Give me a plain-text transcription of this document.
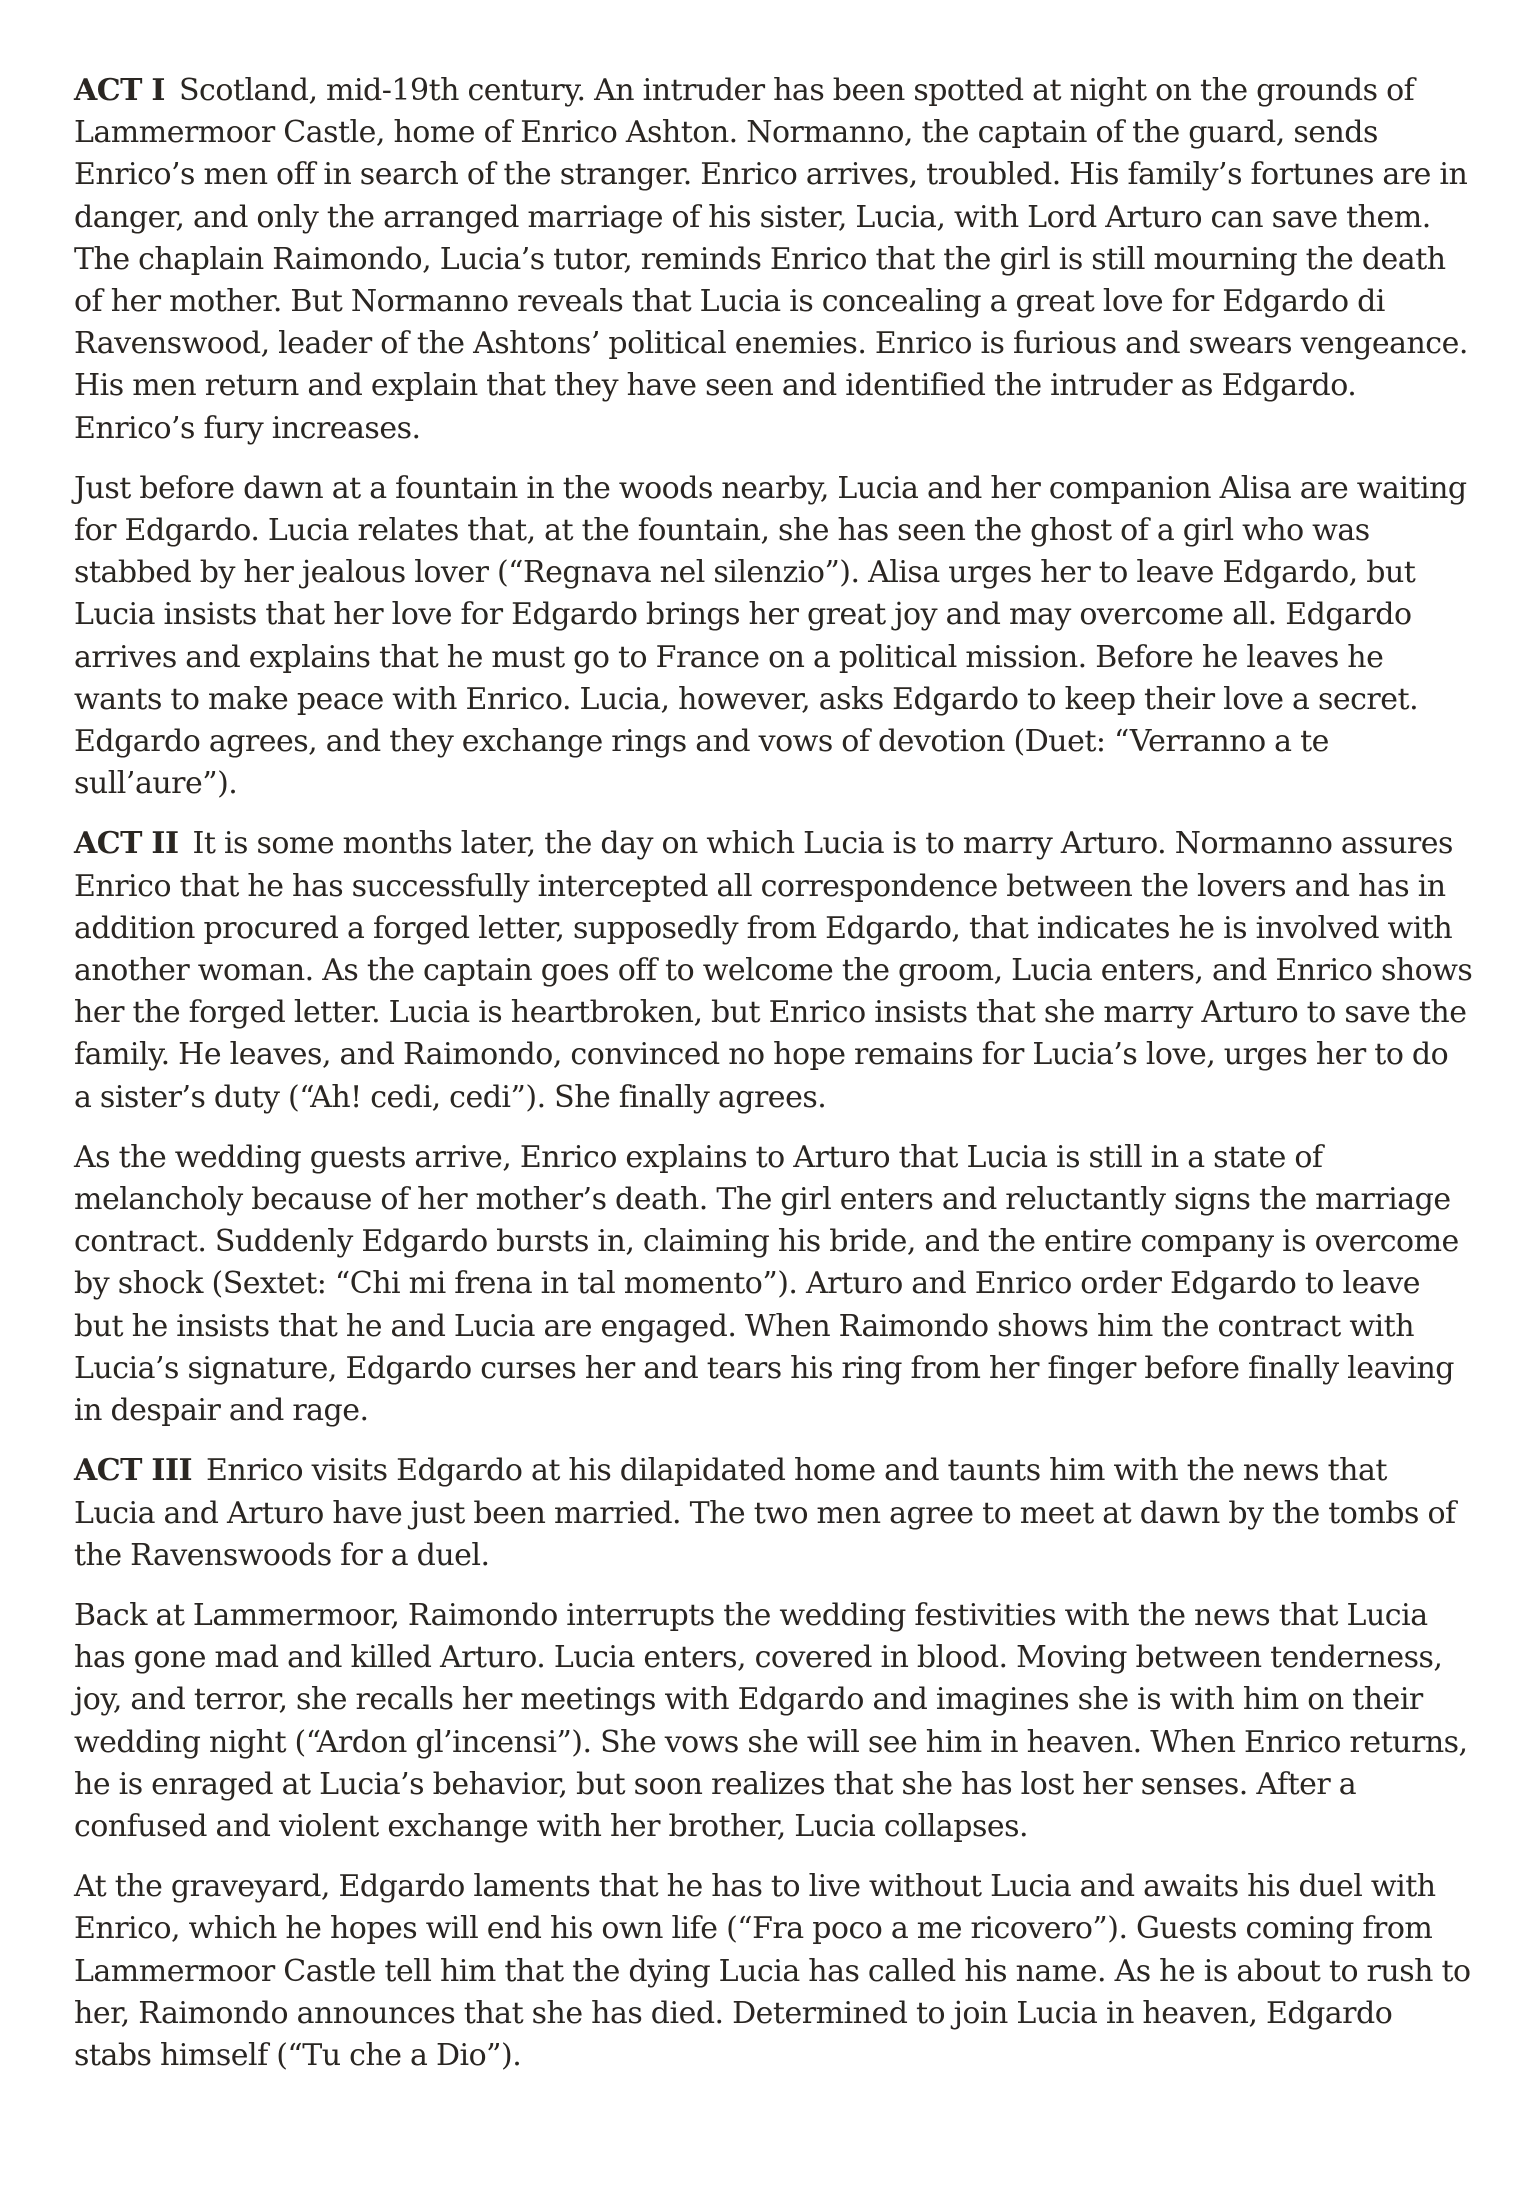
ACT I Scotland, mid-19th century. An intruder has been spotted at night on the grounds of Lammermoor Castle, home of Enrico Ashton. Normanno, the captain of the guard, sends Enrico’s men off in search of the stranger. Enrico arrives, troubled. His family’s fortunes are in danger, and only the arranged marriage of his sister, Lucia, with Lord Arturo can save them. The chaplain Raimondo, Lucia’s tutor, reminds Enrico that the girl is still mourning the death of her mother. But Normanno reveals that Lucia is concealing a great love for Edgardo di Ravenswood, leader of the Ashtons’ political enemies. Enrico is furious and swears vengeance. His men return and explain that they have seen and identified the intruder as Edgardo. Enrico’s fury increases.

Just before dawn at a fountain in the woods nearby, Lucia and her companion Alisa are waiting for Edgardo. Lucia relates that, at the fountain, she has seen the ghost of a girl who was stabbed by her jealous lover (“Regnava nel silenzio”). Alisa urges her to leave Edgardo, but Lucia insists that her love for Edgardo brings her great joy and may overcome all. Edgardo arrives and explains that he must go to France on a political mission. Before he leaves he wants to make peace with Enrico. Lucia, however, asks Edgardo to keep their love a secret. Edgardo agrees, and they exchange rings and vows of devotion (Duet: “Verranno a te sull’aure”).

ACT II It is some months later, the day on which Lucia is to marry Arturo. Normanno assures Enrico that he has successfully intercepted all correspondence between the lovers and has in addition procured a forged letter, supposedly from Edgardo, that indicates he is involved with another woman. As the captain goes off to welcome the groom, Lucia enters, and Enrico shows her the forged letter. Lucia is heartbroken, but Enrico insists that she marry Arturo to save the family. He leaves, and Raimondo, convinced no hope remains for Lucia’s love, urges her to do a sister’s duty (“Ah! cedi, cedi”). She finally agrees.

As the wedding guests arrive, Enrico explains to Arturo that Lucia is still in a state of melancholy because of her mother’s death. The girl enters and reluctantly signs the marriage contract. Suddenly Edgardo bursts in, claiming his bride, and the entire company is overcome by shock (Sextet: “Chi mi frena in tal momento”). Arturo and Enrico order Edgardo to leave but he insists that he and Lucia are engaged. When Raimondo shows him the contract with Lucia’s signature, Edgardo curses her and tears his ring from her finger before finally leaving in despair and rage.

ACT III Enrico visits Edgardo at his dilapidated home and taunts him with the news that Lucia and Arturo have just been married. The two men agree to meet at dawn by the tombs of the Ravenswoods for a duel.

Back at Lammermoor, Raimondo interrupts the wedding festivities with the news that Lucia has gone mad and killed Arturo. Lucia enters, covered in blood. Moving between tenderness, joy, and terror, she recalls her meetings with Edgardo and imagines she is with him on their wedding night (“Ardon gl’incensi”). She vows she will see him in heaven. When Enrico returns, he is enraged at Lucia’s behavior, but soon realizes that she has lost her senses. After a confused and violent exchange with her brother, Lucia collapses.

At the graveyard, Edgardo laments that he has to live without Lucia and awaits his duel with Enrico, which he hopes will end his own life (“Fra poco a me ricovero”). Guests coming from Lammermoor Castle tell him that the dying Lucia has called his name. As he is about to rush to her, Raimondo announces that she has died. Determined to join Lucia in heaven, Edgardo stabs himself (“Tu che a Dio”).
